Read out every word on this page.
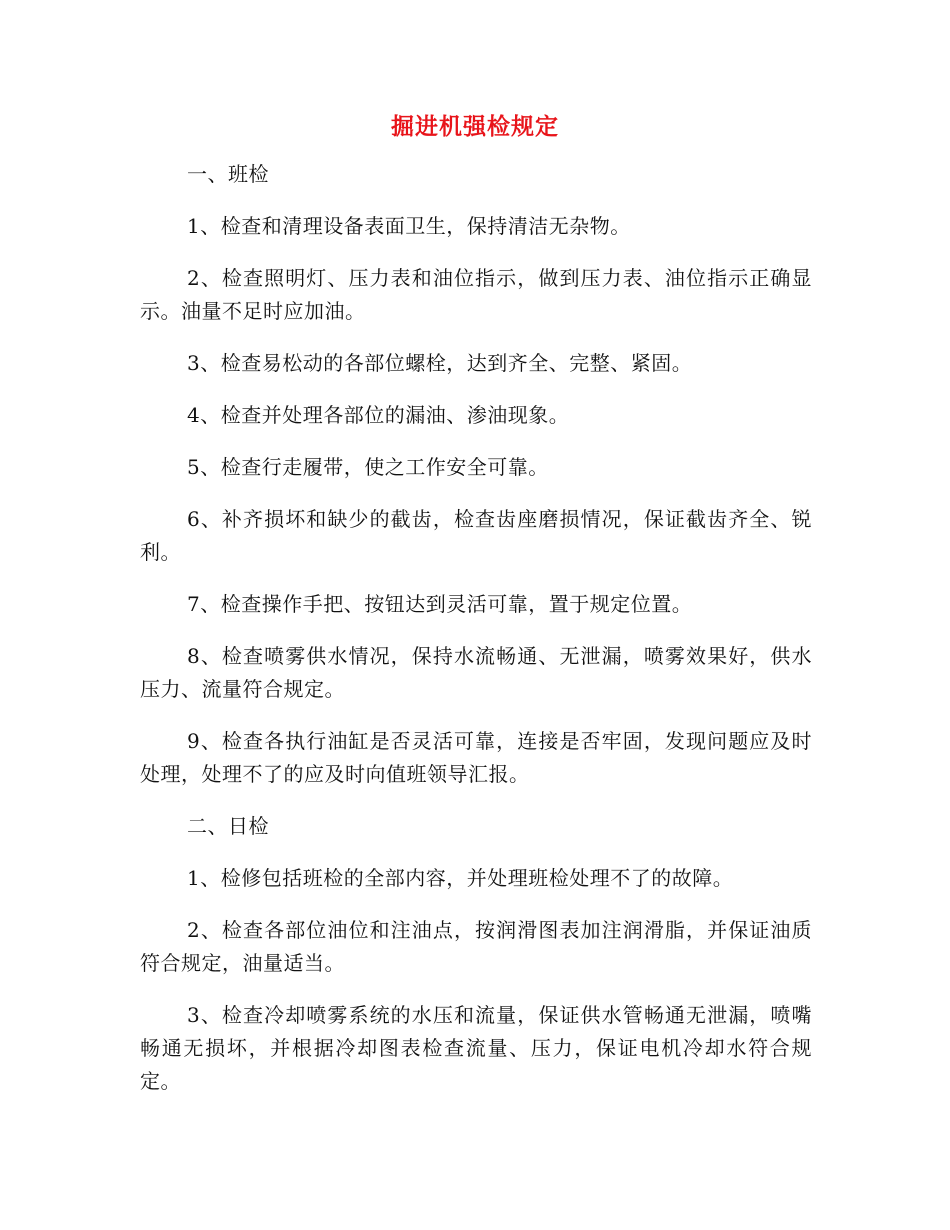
掘进机强检规定

一、班检

1、检查和清理设备表面卫生，保持清洁无杂物。

2、检查照明灯、压力表和油位指示，做到压力表、油位指示正确显示。油量不足时应加油。

3、检查易松动的各部位螺栓，达到齐全、完整、紧固。

4、检查并处理各部位的漏油、渗油现象。

5、检查行走履带，使之工作安全可靠。

6、补齐损坏和缺少的截齿，检查齿座磨损情况，保证截齿齐全、锐利。

7、检查操作手把、按钮达到灵活可靠，置于规定位置。

8、检查喷雾供水情况，保持水流畅通、无泄漏，喷雾效果好，供水压力、流量符合规定。

9、检查各执行油缸是否灵活可靠，连接是否牢固，发现问题应及时处理，处理不了的应及时向值班领导汇报。

二、日检

1、检修包括班检的全部内容，并处理班检处理不了的故障。

2、检查各部位油位和注油点，按润滑图表加注润滑脂，并保证油质符合规定，油量适当。

3、检查冷却喷雾系统的水压和流量，保证供水管畅通无泄漏，喷嘴畅通无损坏，并根据冷却图表检查流量、压力，保证电机冷却水符合规定。
